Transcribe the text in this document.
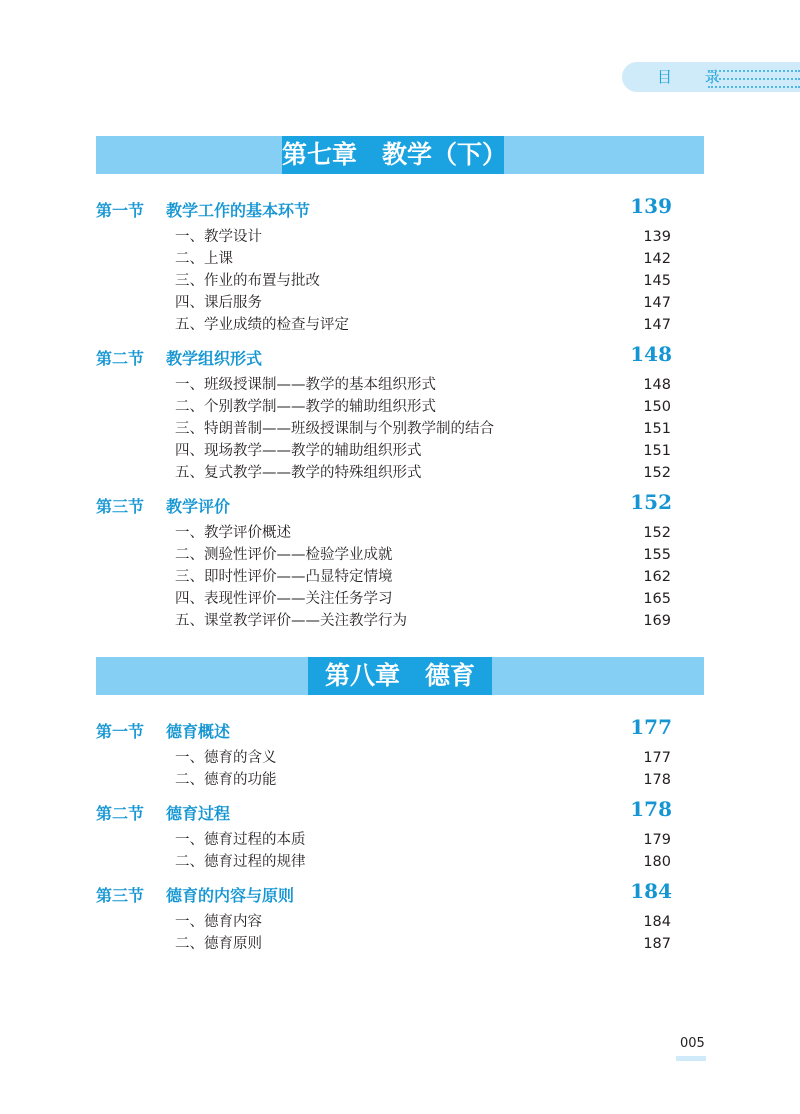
目 录
第七章　教学（下）
第一节 教学工作的基本环节	139
一、教学设计	139
二、上课	142
三、作业的布置与批改	145
四、课后服务	147
五、学业成绩的检查与评定	147
第二节 教学组织形式	148
一、班级授课制——教学的基本组织形式	148
二、个别教学制——教学的辅助组织形式	150
三、特朗普制——班级授课制与个别教学制的结合	151
四、现场教学——教学的辅助组织形式	151
五、复式教学——教学的特殊组织形式	152
第三节 教学评价	152
一、教学评价概述	152
二、测验性评价——检验学业成就	155
三、即时性评价——凸显特定情境	162
四、表现性评价——关注任务学习	165
五、课堂教学评价——关注教学行为	169
第八章　德育
第一节 德育概述	177
一、德育的含义	177
二、德育的功能	178
第二节 德育过程	178
一、德育过程的本质	179
二、德育过程的规律	180
第三节 德育的内容与原则	184
一、德育内容	184
二、德育原则	187
005
